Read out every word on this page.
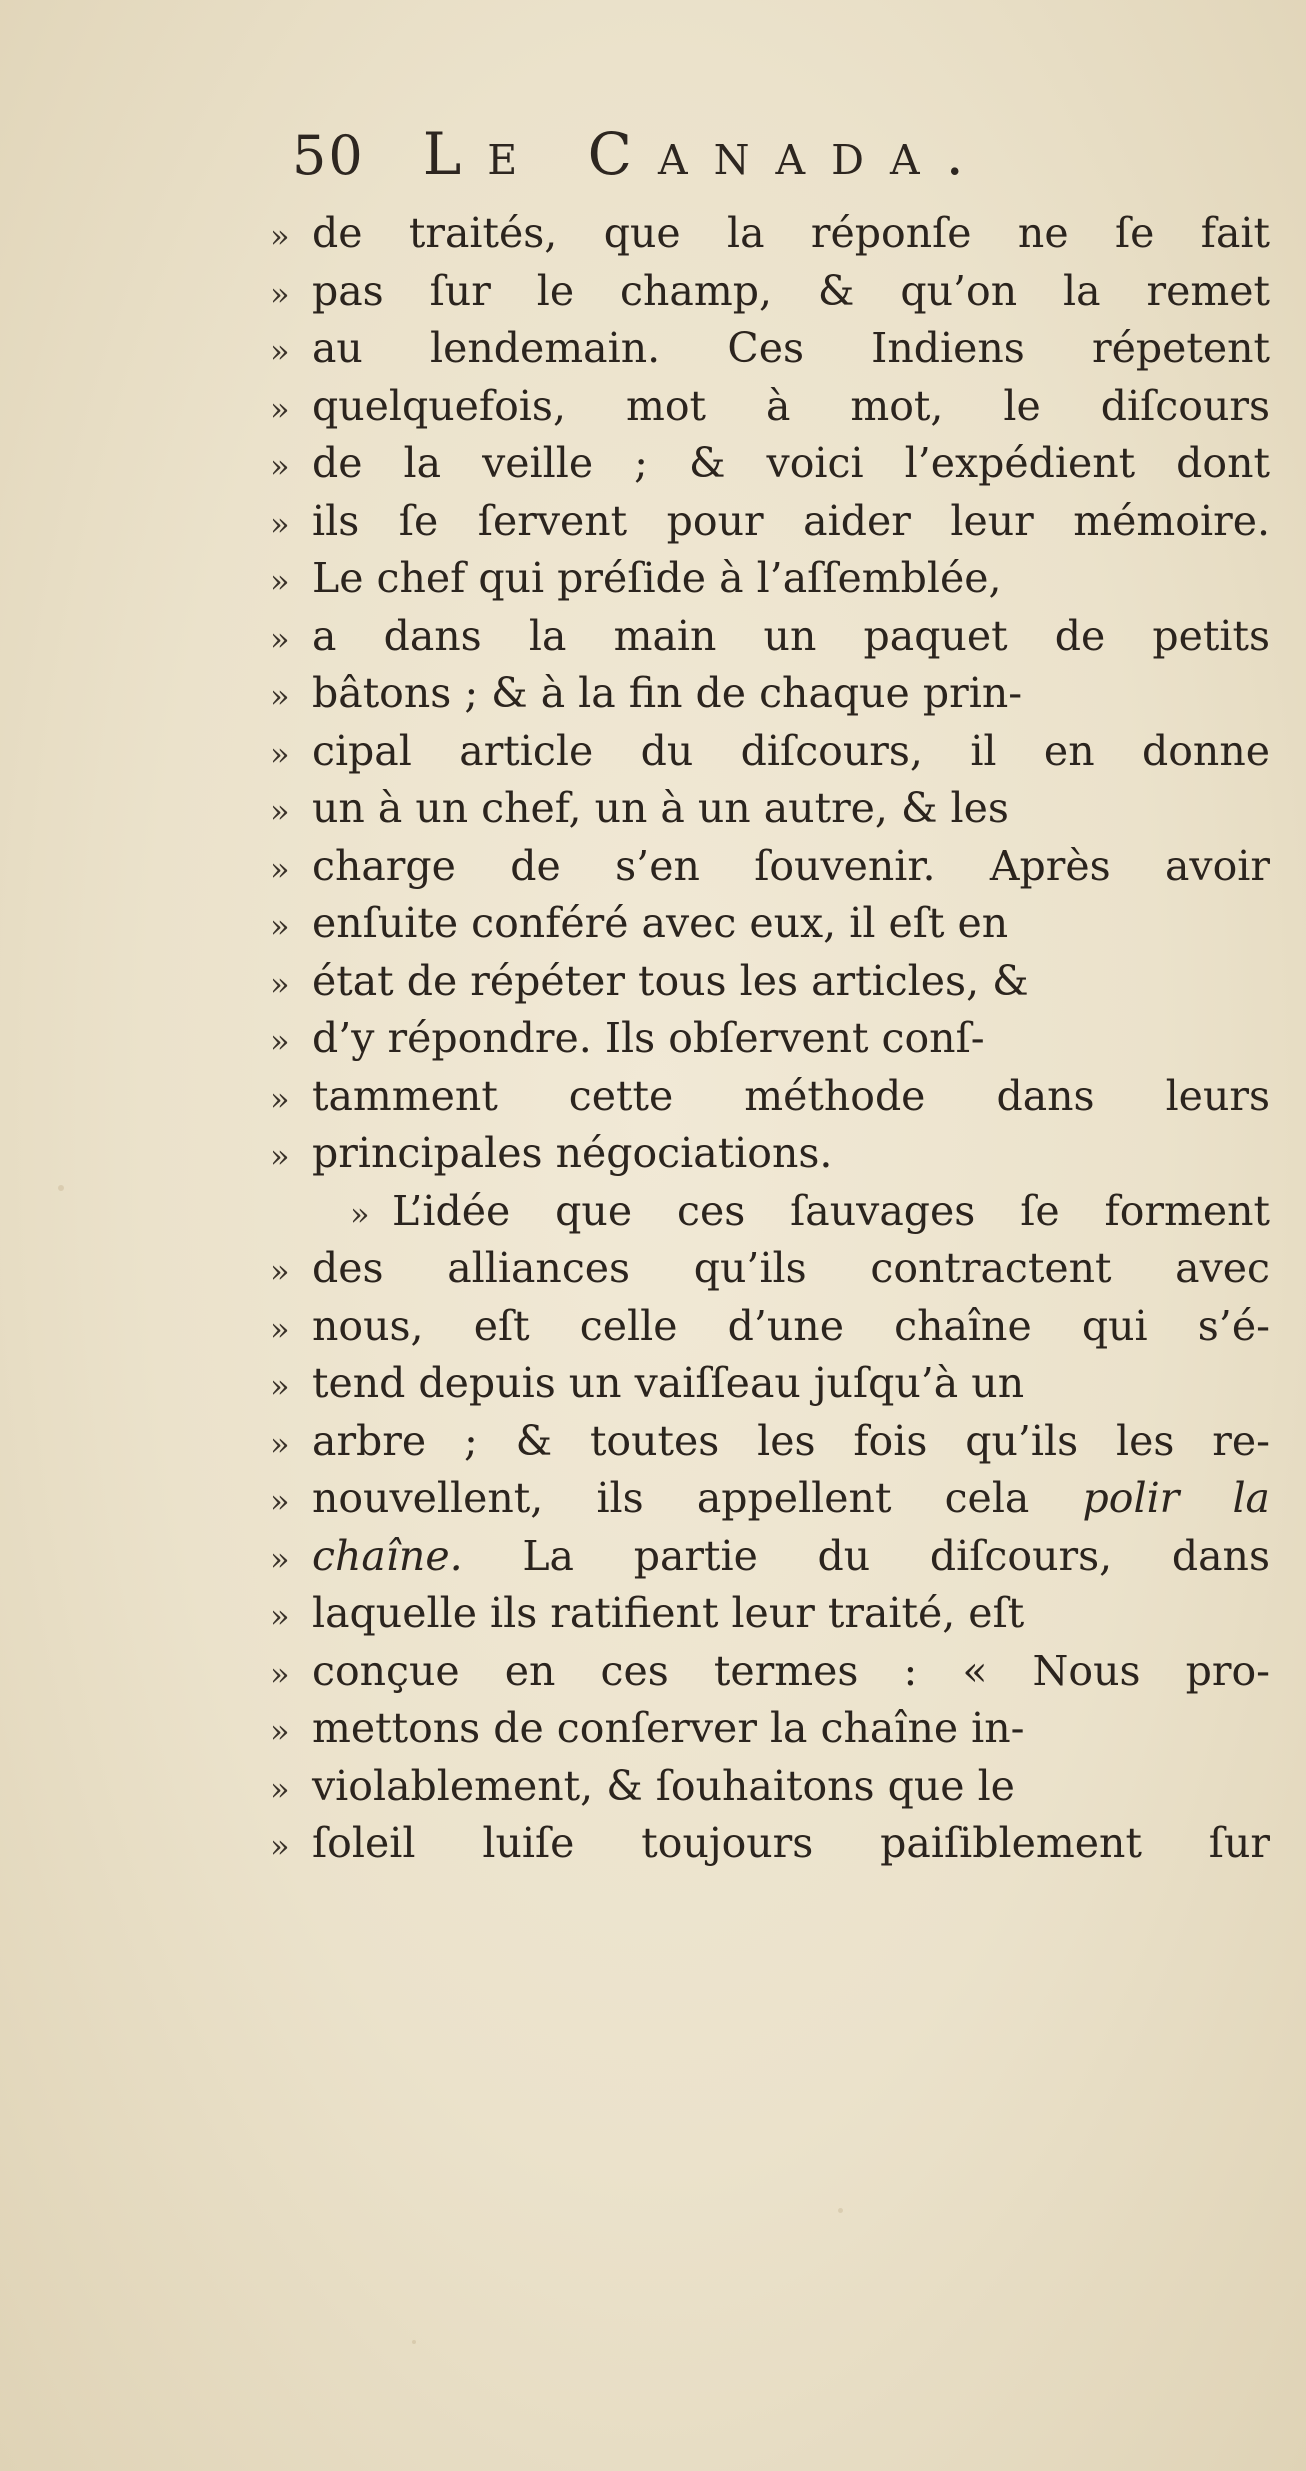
50 Le Canada.
» de traités, que la réponſe ne ſe fait
» pas ſur le champ, & qu’on la remet
» au lendemain. Ces Indiens répetent
» quelquefois, mot à mot, le diſcours
» de la veille ; & voici l’expédient dont
» ils ſe ſervent pour aider leur mémoire.
» Le chef qui préſide à l’aſſemblée,
» a dans la main un paquet de petits
» bâtons ; & à la fin de chaque prin-
» cipal article du diſcours, il en donne
» un à un chef, un à un autre, & les
» charge de s’en ſouvenir. Après avoir
» enſuite conféré avec eux, il eſt en
» état de répéter tous les articles, &
» d’y répondre. Ils obſervent conſ-
» tamment cette méthode dans leurs
» principales négociations.
» L’idée que ces ſauvages ſe forment
» des alliances qu’ils contractent avec
» nous, eſt celle d’une chaîne qui s’é-
» tend depuis un vaiſſeau juſqu’à un
» arbre ; & toutes les fois qu’ils les re-
» nouvellent, ils appellent cela polir la
» chaîne. La partie du diſcours, dans
» laquelle ils ratifient leur traité, eſt
» conçue en ces termes : « Nous pro-
» mettons de conſerver la chaîne in-
» violablement, & ſouhaitons que le
» ſoleil luiſe toujours paiſiblement ſur
